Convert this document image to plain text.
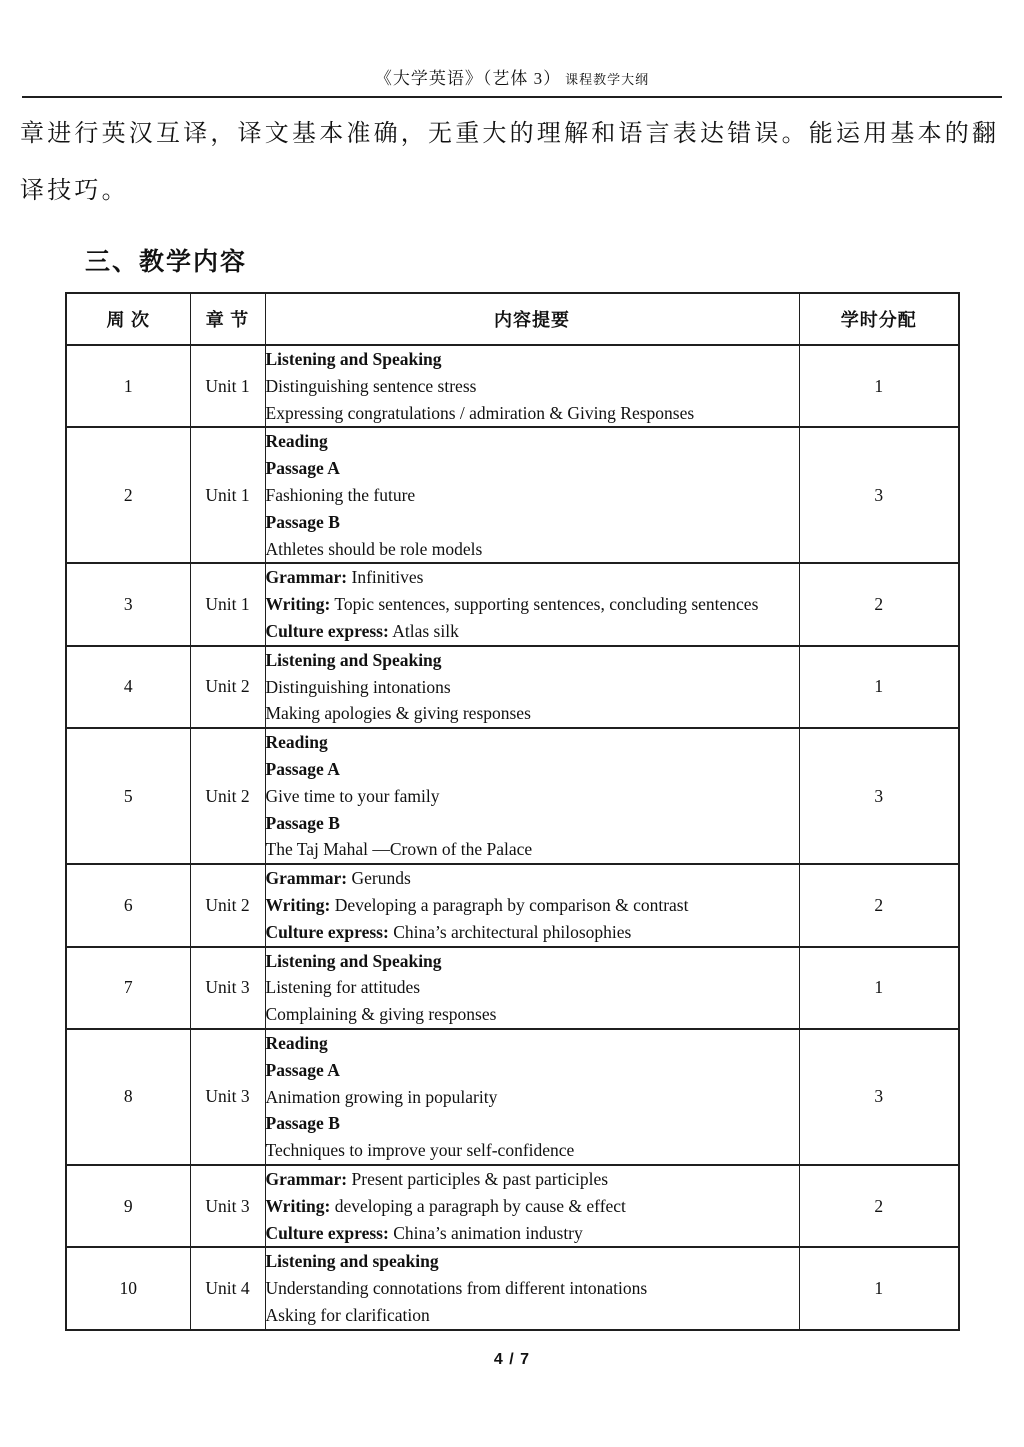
《大学英语》（艺体 3） 课程教学大纲
章进行英汉互译，译文基本准确，无重大的理解和语言表达错误。能运用基本的翻
译技巧。
三、教学内容
周 次	章 节	内容提要	学时分配
1	Unit 1	Listening and Speaking
Distinguishing sentence stress
Expressing congratulations / admiration & Giving Responses	1
2	Unit 1	Reading
Passage A
Fashioning the future
Passage B
Athletes should be role models	3
3	Unit 1	Grammar: Infinitives
Writing: Topic sentences, supporting sentences, concluding sentences
Culture express: Atlas silk	2
4	Unit 2	Listening and Speaking
Distinguishing intonations
Making apologies & giving responses	1
5	Unit 2	Reading
Passage A
Give time to your family
Passage B
The Taj Mahal —Crown of the Palace	3
6	Unit 2	Grammar: Gerunds
Writing: Developing a paragraph by comparison & contrast
Culture express: China’s architectural philosophies	2
7	Unit 3	Listening and Speaking
Listening for attitudes
Complaining & giving responses	1
8	Unit 3	Reading
Passage A
Animation growing in popularity
Passage B
Techniques to improve your self-confidence	3
9	Unit 3	Grammar: Present participles & past participles
Writing: developing a paragraph by cause & effect
Culture express: China’s animation industry	2
10	Unit 4	Listening and speaking
Understanding connotations from different intonations
Asking for clarification	1
4 / 7
